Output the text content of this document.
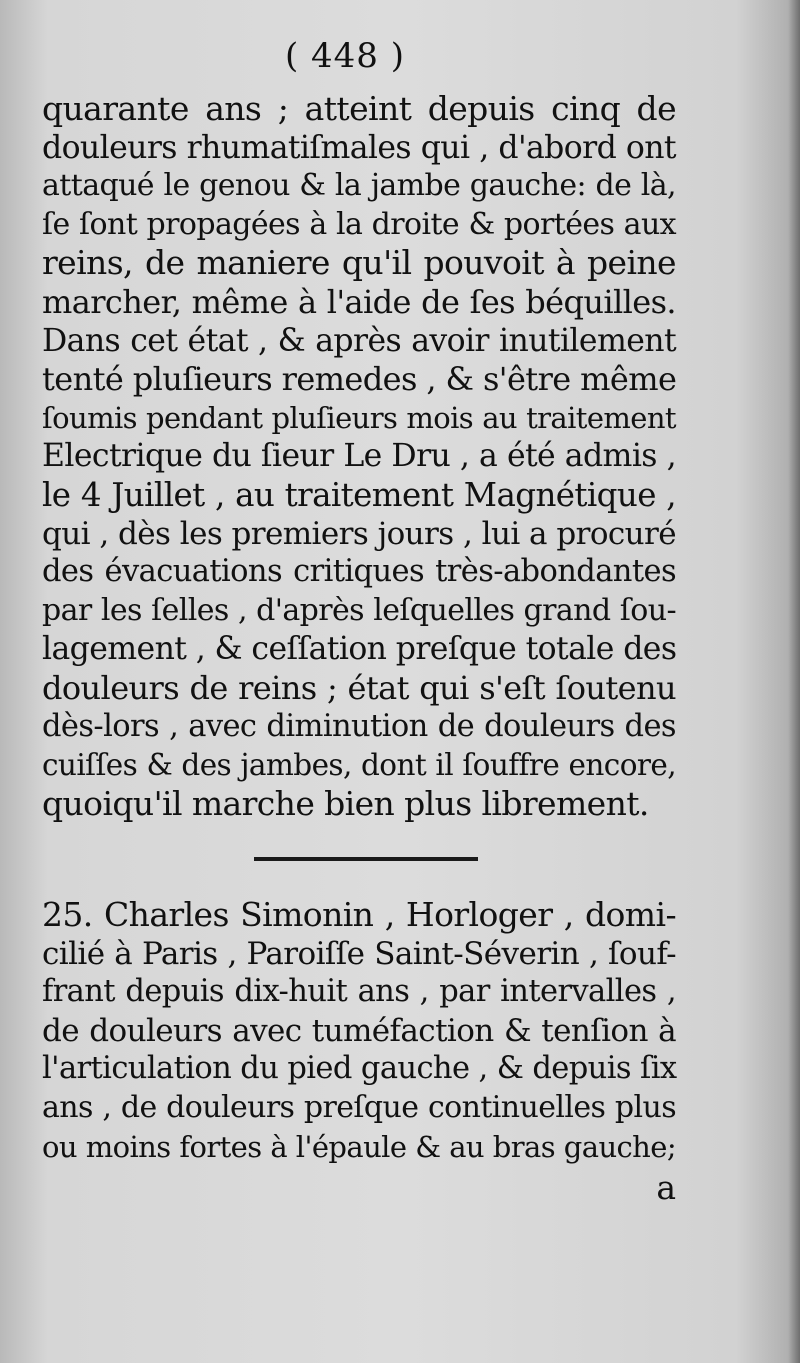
( 448 )

quarante ans ; atteint depuis cinq de
douleurs rhumatiſmales qui , d'abord ont
attaqué le genou & la jambe gauche: de là,
ſe ſont propagées à la droite & portées aux
reins, de maniere qu'il pouvoit à peine
marcher, même à l'aide de ſes béquilles.
Dans cet état , & après avoir inutilement
tenté pluſieurs remedes , & s'être même
ſoumis pendant pluſieurs mois au traitement
Electrique du ſieur Le Dru , a été admis ,
le 4 Juillet , au traitement Magnétique ,
qui , dès les premiers jours , lui a procuré
des évacuations critiques très-abondantes
par les ſelles , d'après leſquelles grand ſou-
lagement , & ceſſation preſque totale des
douleurs de reins ; état qui s'eſt ſoutenu
dès-lors , avec diminution de douleurs des
cuiſſes & des jambes, dont il ſouffre encore,
quoiqu'il marche bien plus librement.

25. Charles Simonin , Horloger , domi-
cilié à Paris , Paroiſſe Saint-Séverin , ſouf-
frant depuis dix-huit ans , par intervalles ,
de douleurs avec tuméfaction & tenſion à
l'articulation du pied gauche , & depuis ſix
ans , de douleurs preſque continuelles plus
ou moins fortes à l'épaule & au bras gauche;

a
